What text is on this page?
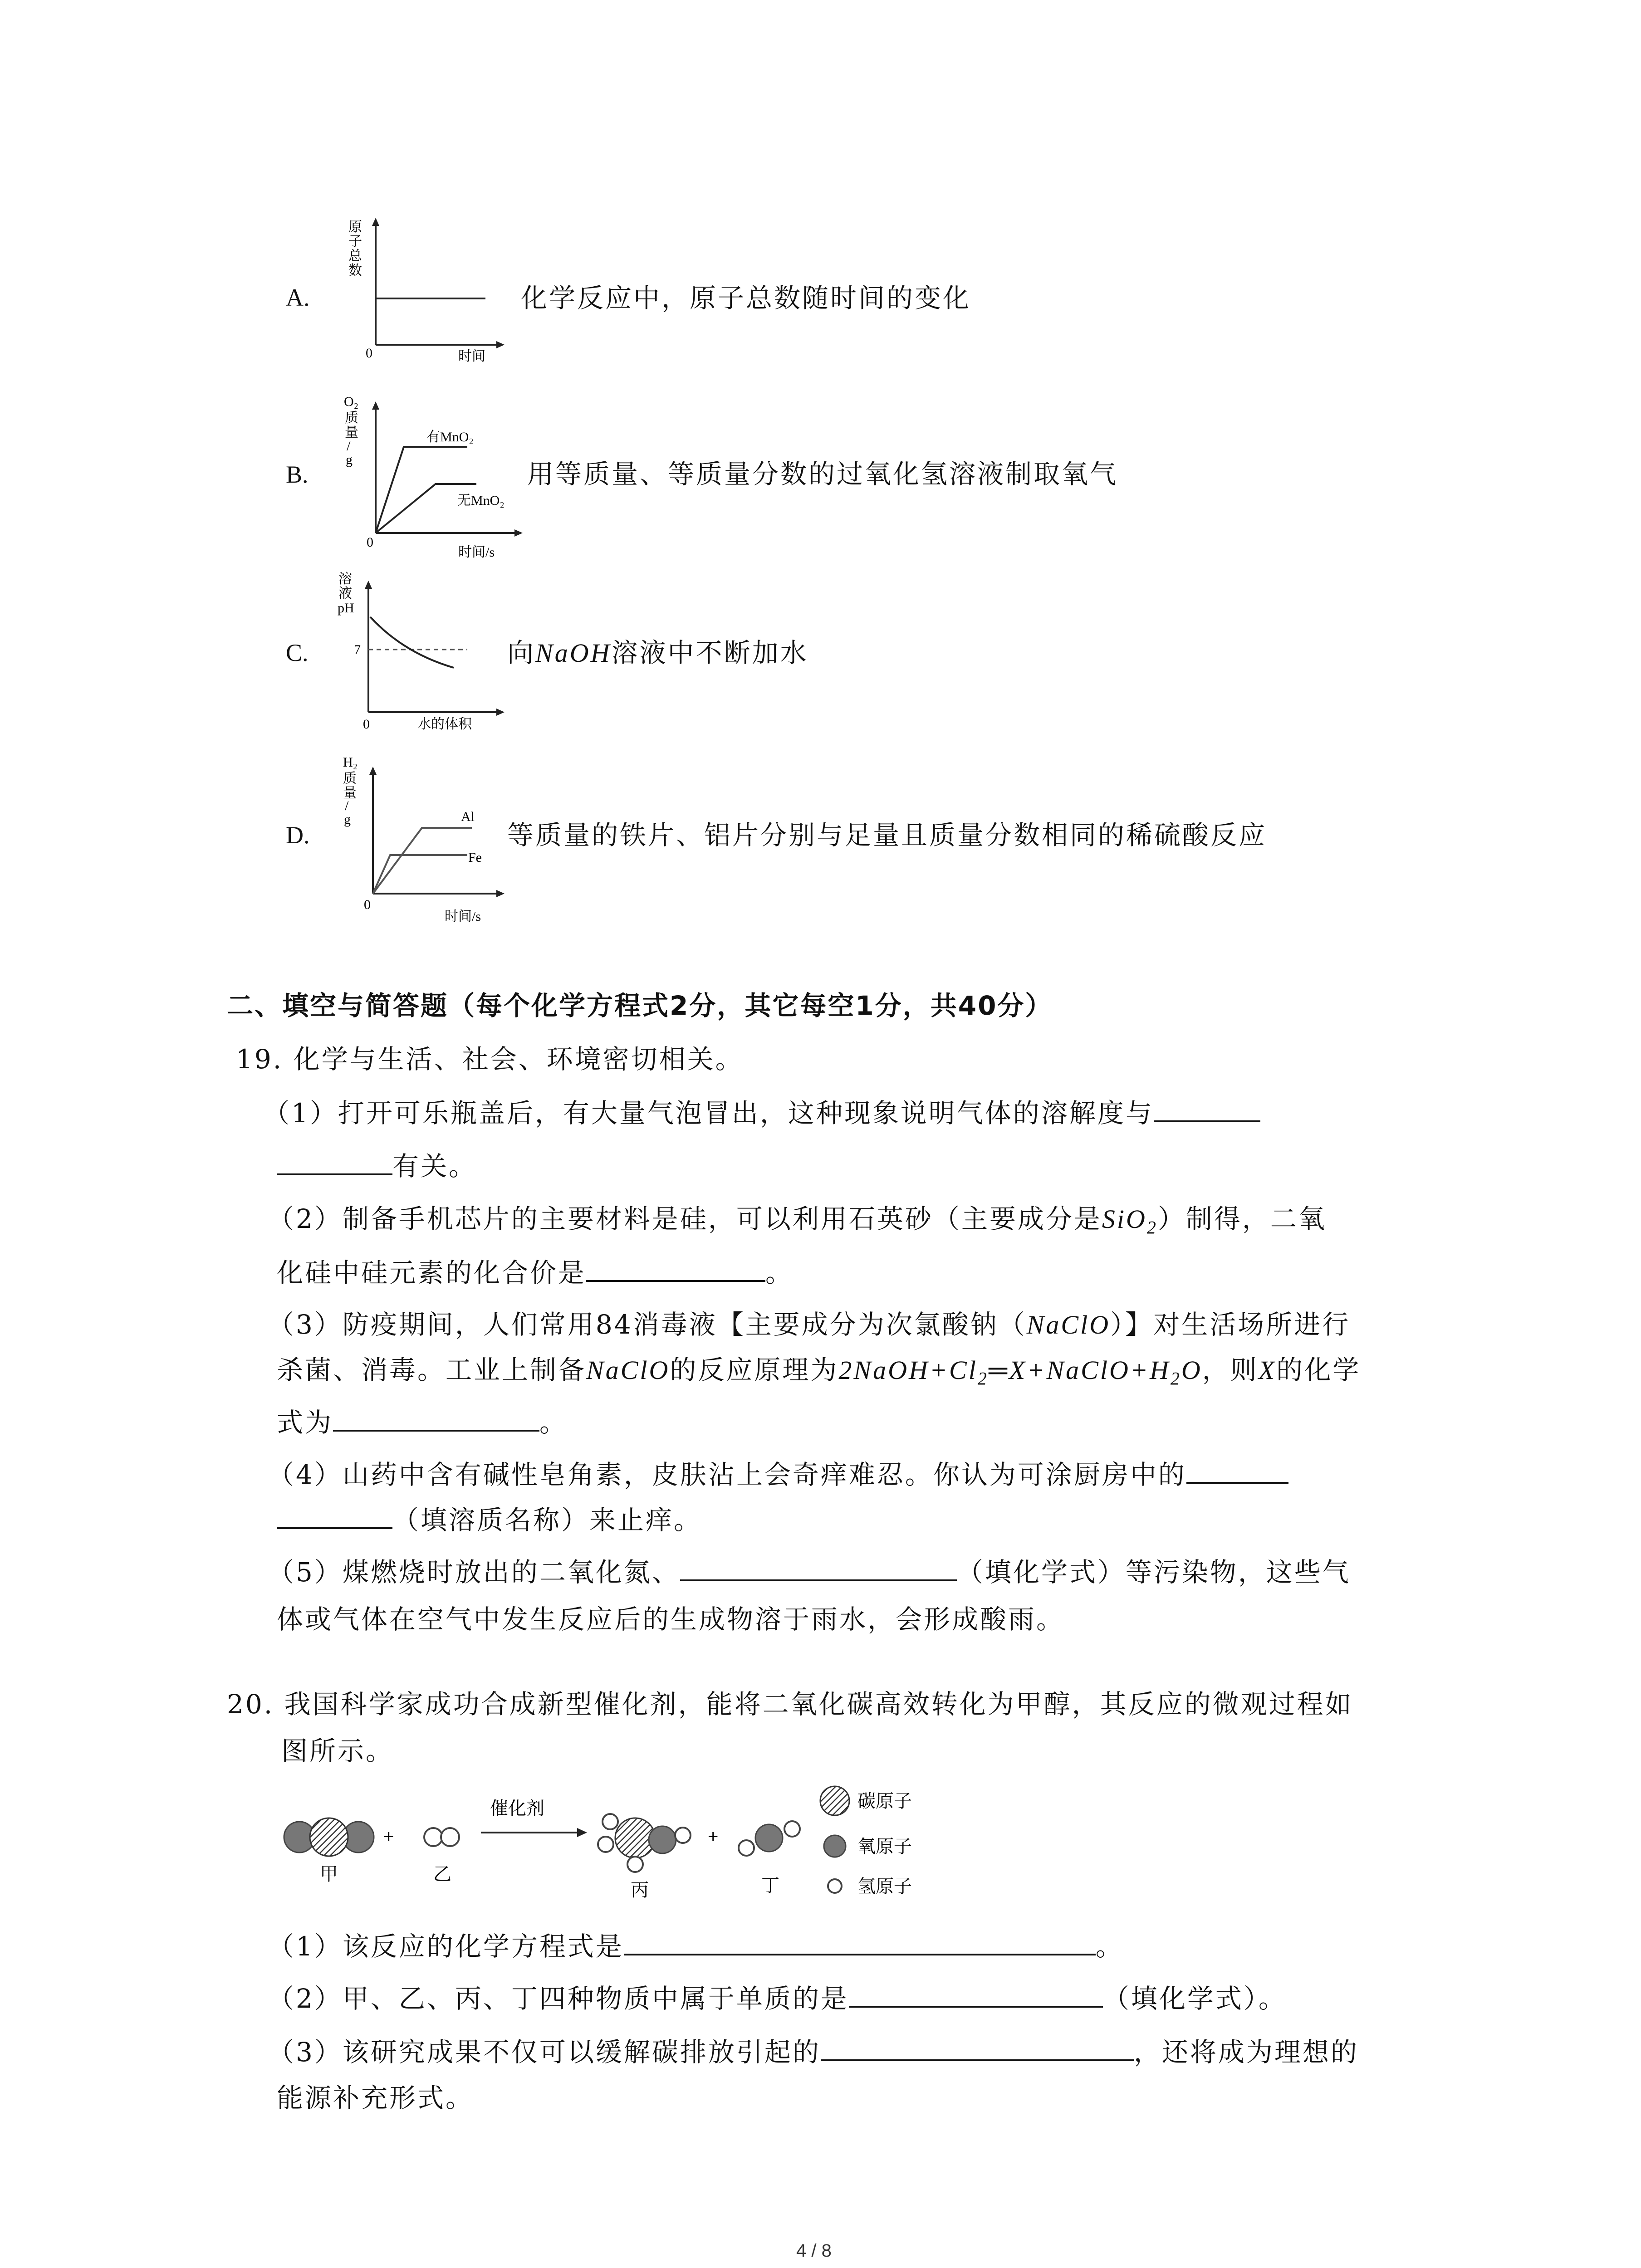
A.
原
子
总
数
0	时间
化学反应中，原子总数随时间的变化
B.
O₂
质
量
/
g
有MnO₂
无MnO₂
0
时间/s
用等质量、等质量分数的过氧化氢溶液制取氧气
C.
溶
液
pH
7
0	水的体积
向NaOH溶液中不断加水
D.
H₂
质
量
/
g	Al
Fe
0
时间/s
等质量的铁片、铝片分别与足量且质量分数相同的稀硫酸反应
二、填空与简答题（每个化学方程式2分，其它每空1分，共40分）
19. 化学与生活、社会、环境密切相关。
（1）打开可乐瓶盖后，有大量气泡冒出，这种现象说明气体的溶解度与
有关。
（2）制备手机芯片的主要材料是硅，可以利用石英砂（主要成分是SiO$_2$）制得，二氧
化硅中硅元素的化合价是	。
（3）防疫期间，人们常用84消毒液【主要成分为次氯酸钠（NaClO）】对生活场所进行
杀菌、消毒。工业上制备NaClO的反应原理为$2NaOH+Cl_2═X+NaClO+H_2O$，则X的化学
式为	。
（4）山药中含有碱性皂角素，皮肤沾上会奇痒难忍。你认为可涂厨房中的
（填溶质名称）来止痒。
（5）煤燃烧时放出的二氧化氮、	（填化学式）等污染物，这些气
体或气体在空气中发生反应后的生成物溶于雨水，会形成酸雨。
20. 我国科学家成功合成新型催化剂，能将二氧化碳高效转化为甲醇，其反应的微观过程如
图所示。
甲
+
乙
催化剂
丙
+
丁
碳原子
氧原子
氢原子
（1）该反应的化学方程式是	。
（2）甲、乙、丙、丁四种物质中属于单质的是	（填化学式）。
（3）该研究成果不仅可以缓解碳排放引起的	，还将成为理想的
能源补充形式。
4 / 8
